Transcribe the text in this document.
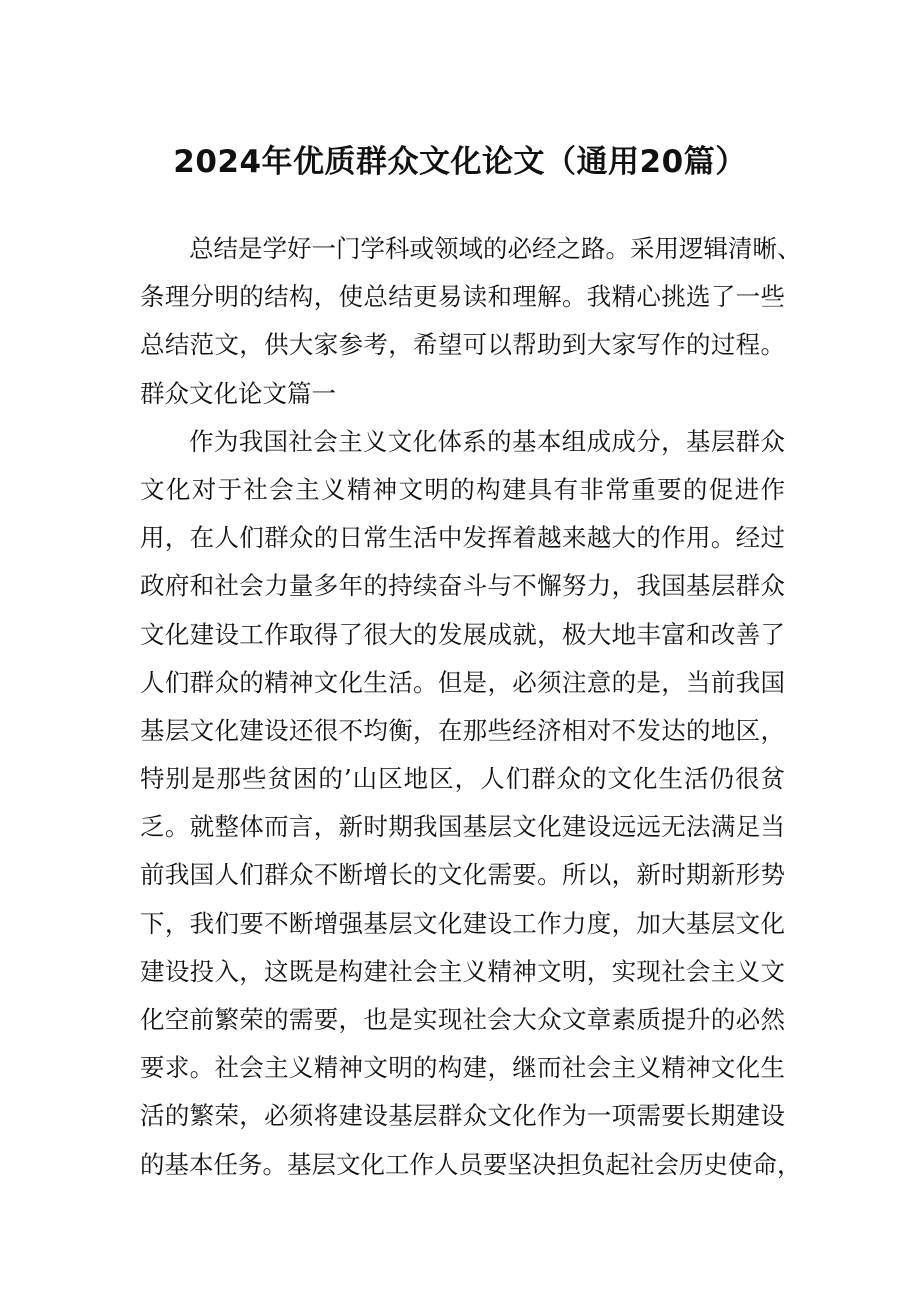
2024年优质群众文化论文（通用20篇）
总结是学好一门学科或领域的必经之路。采用逻辑清晰、
条理分明的结构，使总结更易读和理解。我精心挑选了一些
总结范文，供大家参考，希望可以帮助到大家写作的过程。
群众文化论文篇一
作为我国社会主义文化体系的基本组成成分，基层群众
文化对于社会主义精神文明的构建具有非常重要的促进作
用，在人们群众的日常生活中发挥着越来越大的作用。经过
政府和社会力量多年的持续奋斗与不懈努力，我国基层群众
文化建设工作取得了很大的发展成就，极大地丰富和改善了
人们群众的精神文化生活。但是，必须注意的是，当前我国
基层文化建设还很不均衡，在那些经济相对不发达的地区，
特别是那些贫困的’山区地区，人们群众的文化生活仍很贫
乏。就整体而言，新时期我国基层文化建设远远无法满足当
前我国人们群众不断增长的文化需要。所以，新时期新形势
下，我们要不断增强基层文化建设工作力度，加大基层文化
建设投入，这既是构建社会主义精神文明，实现社会主义文
化空前繁荣的需要，也是实现社会大众文章素质提升的必然
要求。社会主义精神文明的构建，继而社会主义精神文化生
活的繁荣，必须将建设基层群众文化作为一项需要长期建设
的基本任务。基层文化工作人员要坚决担负起社会历史使命，
